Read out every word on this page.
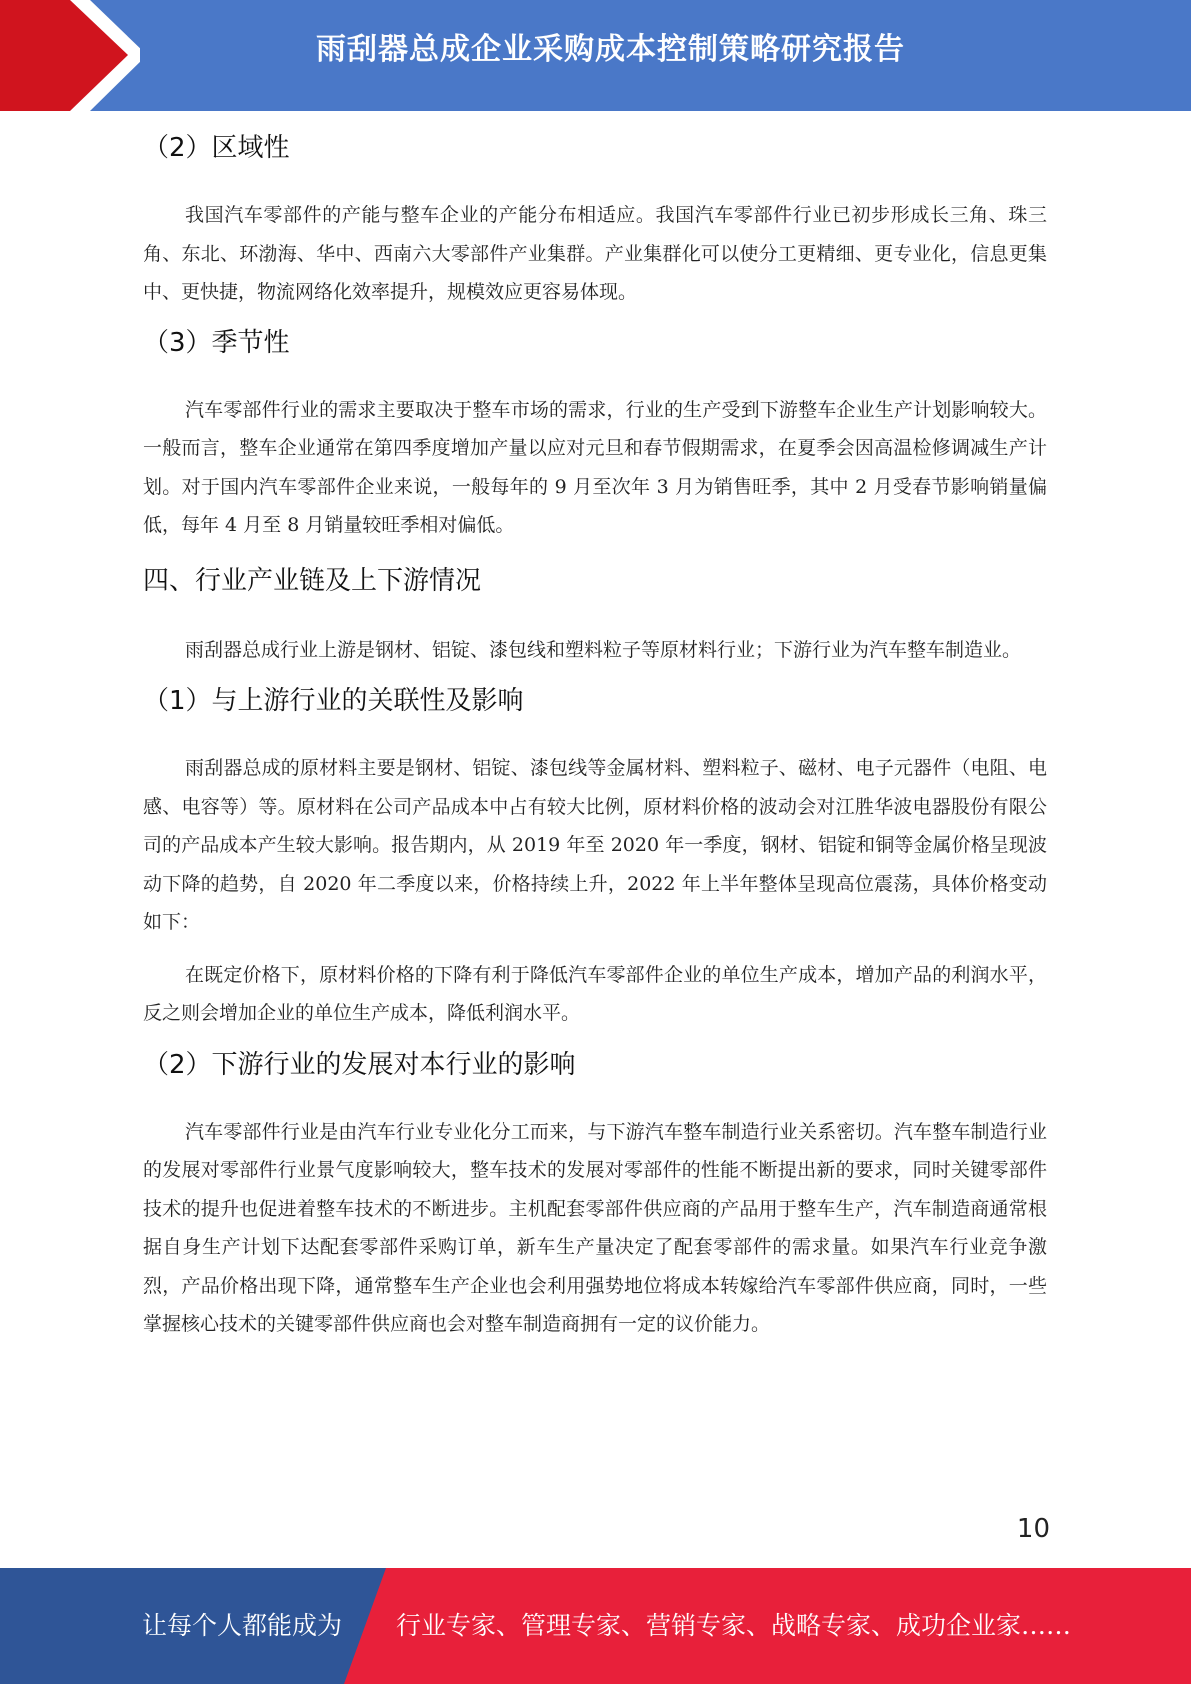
雨刮器总成企业采购成本控制策略研究报告
（2）区域性

我国汽车零部件的产能与整车企业的产能分布相适应。我国汽车零部件行业已初步形成长三角、珠三角、东北、环渤海、华中、西南六大零部件产业集群。产业集群化可以使分工更精细、更专业化，信息更集中、更快捷，物流网络化效率提升，规模效应更容易体现。

（3）季节性

汽车零部件行业的需求主要取决于整车市场的需求，行业的生产受到下游整车企业生产计划影响较大。一般而言，整车企业通常在第四季度增加产量以应对元旦和春节假期需求，在夏季会因高温检修调减生产计划。对于国内汽车零部件企业来说，一般每年的 9 月至次年 3 月为销售旺季，其中 2 月受春节影响销量偏低，每年 4 月至 8 月销量较旺季相对偏低。

四、行业产业链及上下游情况

雨刮器总成行业上游是钢材、铝锭、漆包线和塑料粒子等原材料行业；下游行业为汽车整车制造业。

（1）与上游行业的关联性及影响

雨刮器总成的原材料主要是钢材、铝锭、漆包线等金属材料、塑料粒子、磁材、电子元器件（电阻、电感、电容等）等。原材料在公司产品成本中占有较大比例，原材料价格的波动会对江胜华波电器股份有限公司的产品成本产生较大影响。报告期内，从 2019 年至 2020 年一季度，钢材、铝锭和铜等金属价格呈现波动下降的趋势，自 2020 年二季度以来，价格持续上升，2022 年上半年整体呈现高位震荡，具体价格变动如下：

在既定价格下，原材料价格的下降有利于降低汽车零部件企业的单位生产成本，增加产品的利润水平，反之则会增加企业的单位生产成本，降低利润水平。

（2）下游行业的发展对本行业的影响

汽车零部件行业是由汽车行业专业化分工而来，与下游汽车整车制造行业关系密切。汽车整车制造行业的发展对零部件行业景气度影响较大，整车技术的发展对零部件的性能不断提出新的要求，同时关键零部件技术的提升也促进着整车技术的不断进步。主机配套零部件供应商的产品用于整车生产，汽车制造商通常根据自身生产计划下达配套零部件采购订单，新车生产量决定了配套零部件的需求量。如果汽车行业竞争激烈，产品价格出现下降，通常整车生产企业也会利用强势地位将成本转嫁给汽车零部件供应商，同时，一些掌握核心技术的关键零部件供应商也会对整车制造商拥有一定的议价能力。

10
让每个人都能成为 行业专家、管理专家、营销专家、战略专家、成功企业家……
